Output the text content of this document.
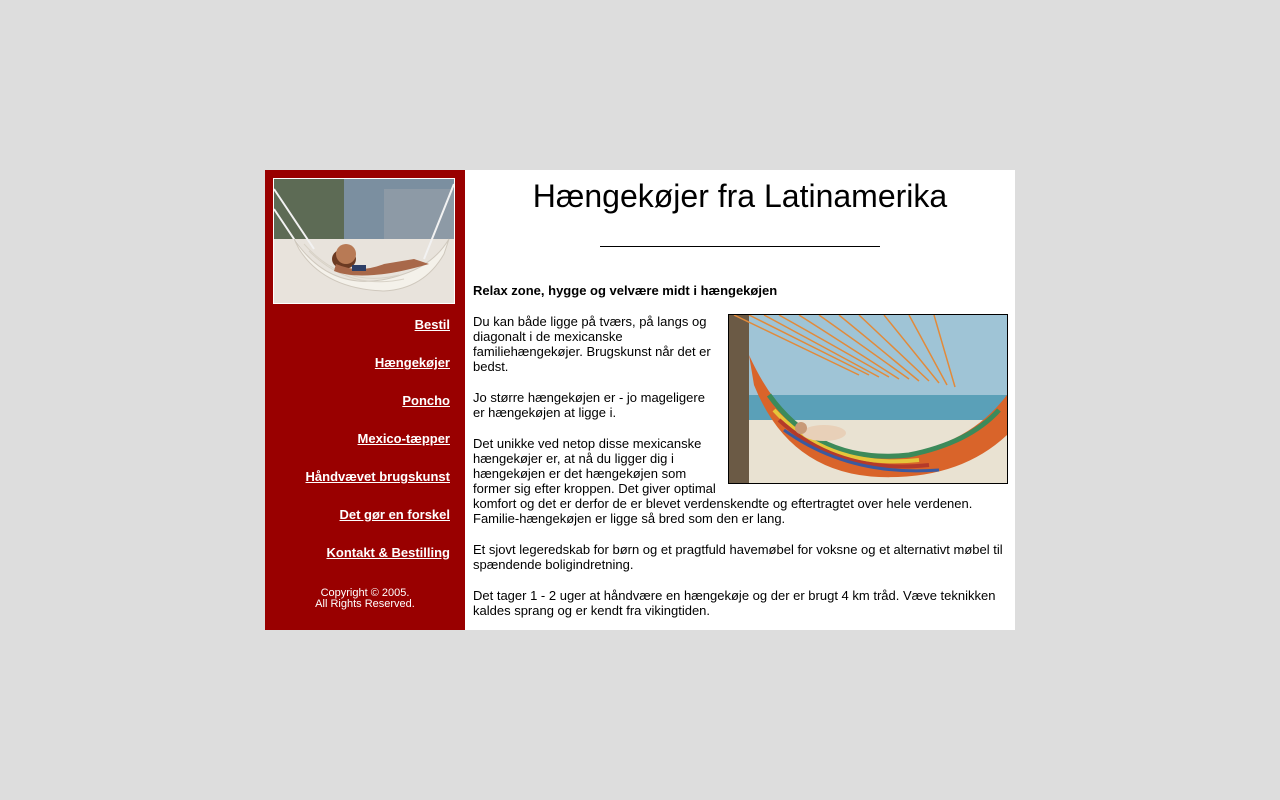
Bestil
Hængekøjer
Poncho
Mexico-tæpper
Håndvævet brugskunst
Det gør en forskel
Kontakt & Bestilling
Copyright © 2005.
All Rights Reserved.
Hængekøjer fra Latinamerika
Relax zone, hygge og velvære midt i hængekøjen

Du kan både ligge på tværs, på langs og diagonalt i de mexicanske familiehængekøjer. Brugskunst når det er bedst.

Jo større hængekøjen er - jo mageligere er hængekøjen at ligge i.

Det unikke ved netop disse mexicanske hængekøjer er, at nå du ligger dig i hængekøjen er det hængekøjen som former sig efter kroppen. Det giver optimal komfort og det er derfor de er blevet verdenskendte og eftertragtet over hele verdenen. Familie-hængekøjen er ligge så bred som den er lang.

Et sjovt legeredskab for børn og et pragtfuld havemøbel for voksne og et alternativt møbel til spændende boligindretning.

Det tager 1 - 2 uger at håndvære en hængekøje og der er brugt 4 km tråd. Væve teknikken kaldes sprang og er kendt fra vikingtiden.
